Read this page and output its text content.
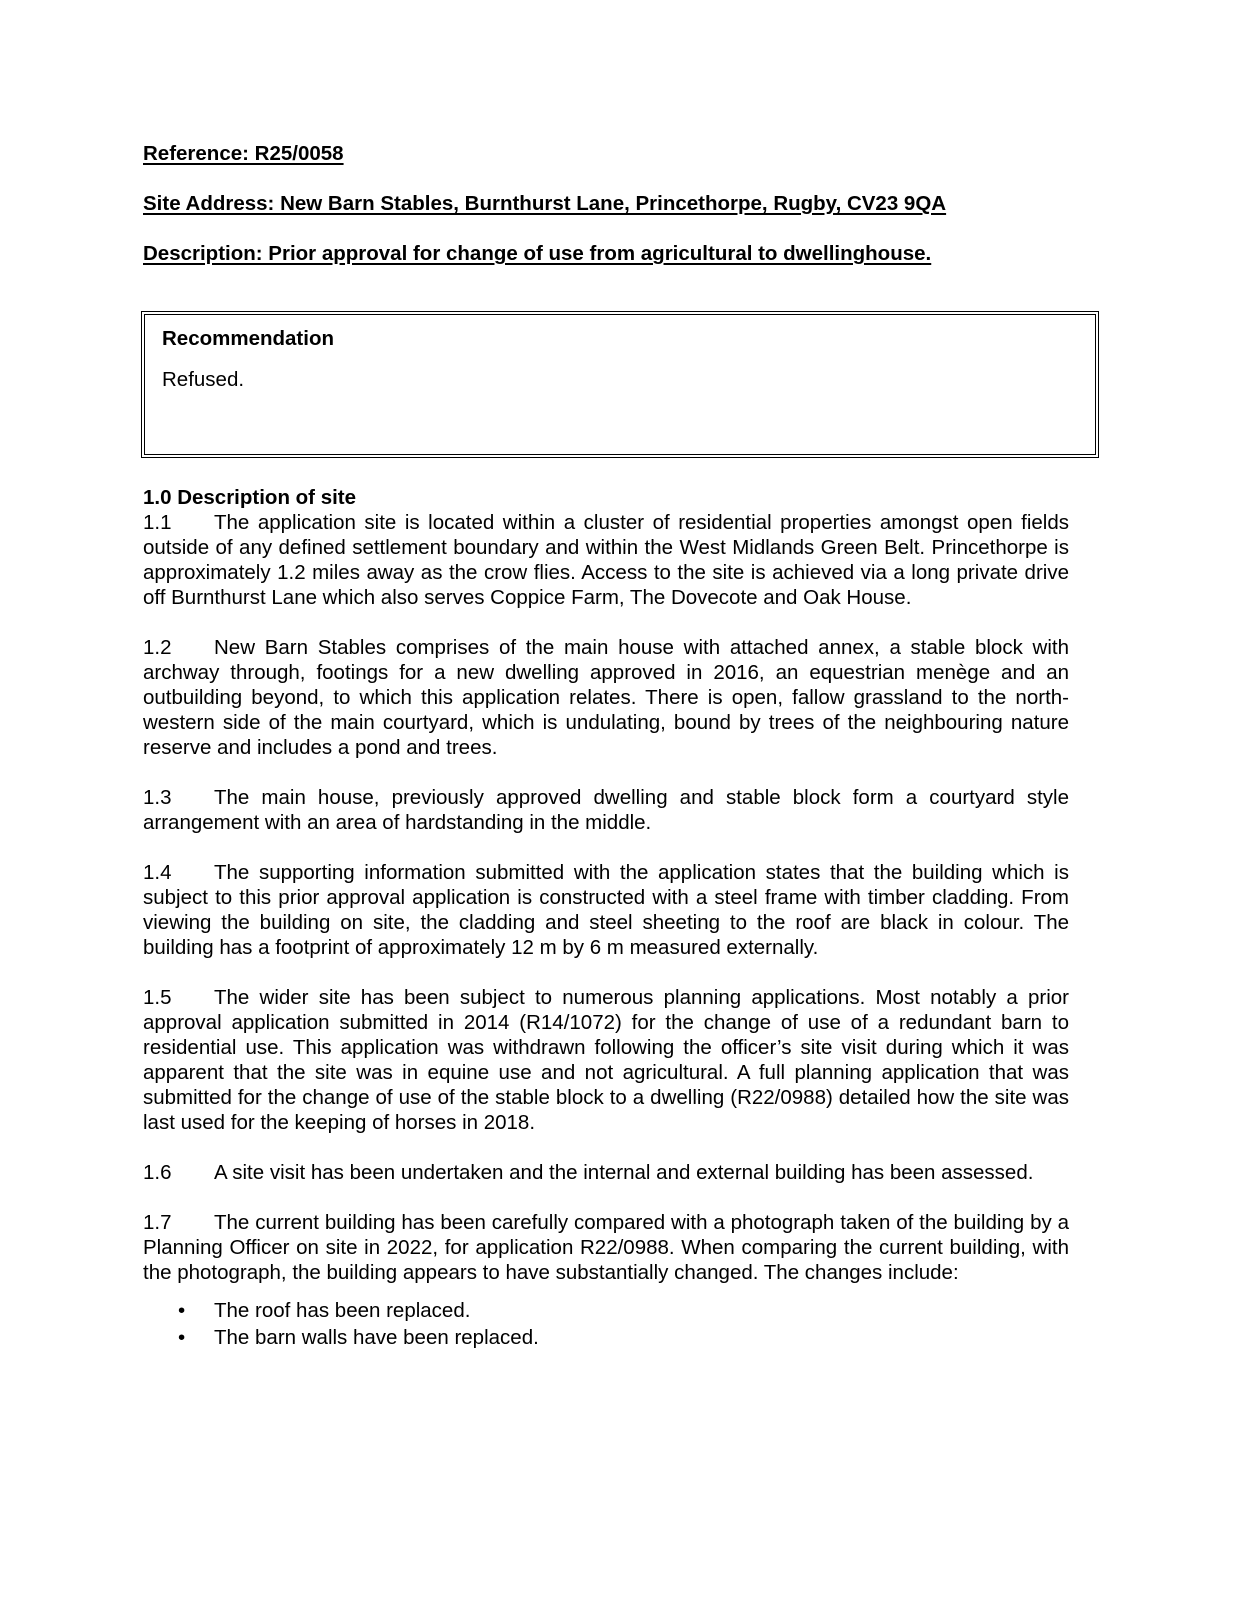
Reference: R25/0058

Site Address: New Barn Stables, Burnthurst Lane, Princethorpe, Rugby, CV23 9QA

Description: Prior approval for change of use from agricultural to dwellinghouse.

Recommendation
Refused.

1.0 Description of site

1.1 The application site is located within a cluster of residential properties amongst open fields outside of any defined settlement boundary and within the West Midlands Green Belt. Princethorpe is approximately 1.2 miles away as the crow flies. Access to the site is achieved via a long private drive off Burnthurst Lane which also serves Coppice Farm, The Dovecote and Oak House.

1.2 New Barn Stables comprises of the main house with attached annex, a stable block with archway through, footings for a new dwelling approved in 2016, an equestrian menège and an outbuilding beyond, to which this application relates. There is open, fallow grassland to the north-western side of the main courtyard, which is undulating, bound by trees of the neighbouring nature reserve and includes a pond and trees.

1.3 The main house, previously approved dwelling and stable block form a courtyard style arrangement with an area of hardstanding in the middle.

1.4 The supporting information submitted with the application states that the building which is subject to this prior approval application is constructed with a steel frame with timber cladding. From viewing the building on site, the cladding and steel sheeting to the roof are black in colour. The building has a footprint of approximately 12 m by 6 m measured externally.

1.5 The wider site has been subject to numerous planning applications. Most notably a prior approval application submitted in 2014 (R14/1072) for the change of use of a redundant barn to residential use. This application was withdrawn following the officer’s site visit during which it was apparent that the site was in equine use and not agricultural. A full planning application that was submitted for the change of use of the stable block to a dwelling (R22/0988) detailed how the site was last used for the keeping of horses in 2018.

1.6 A site visit has been undertaken and the internal and external building has been assessed.

1.7 The current building has been carefully compared with a photograph taken of the building by a Planning Officer on site in 2022, for application R22/0988. When comparing the current building, with the photograph, the building appears to have substantially changed. The changes include:

• The roof has been replaced.
• The barn walls have been replaced.
